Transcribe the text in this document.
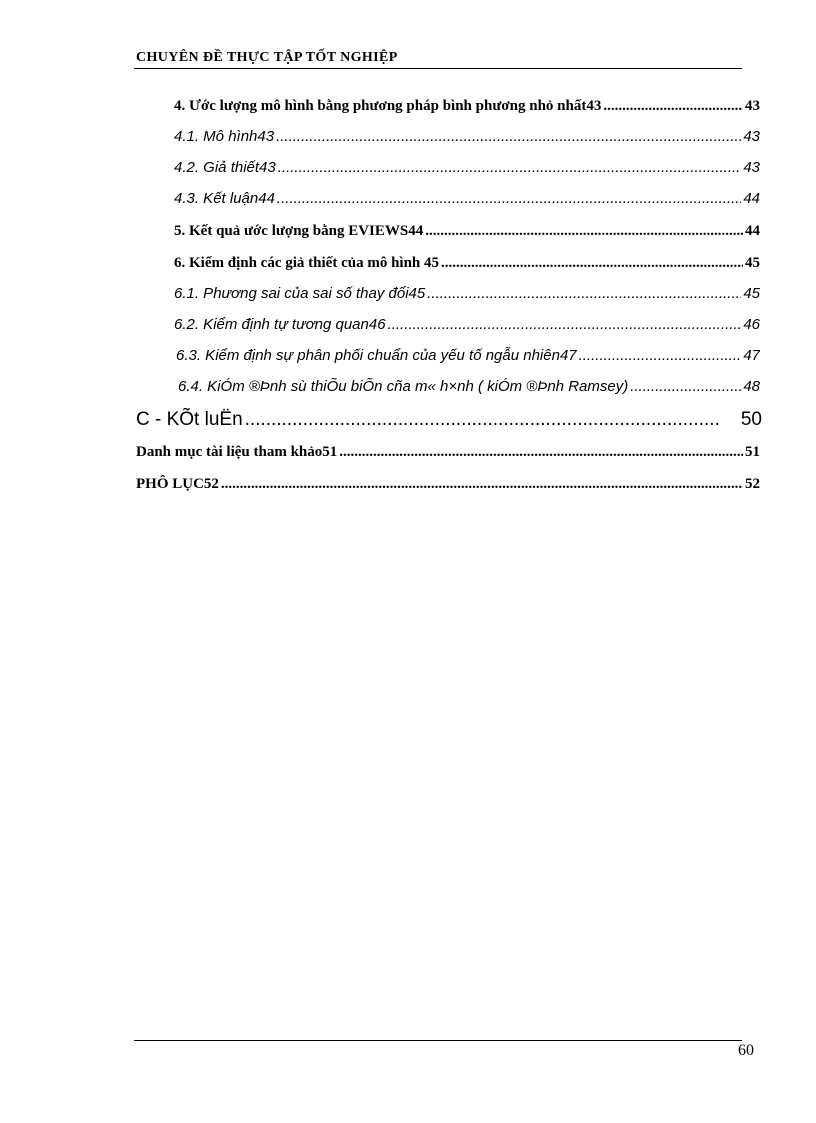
CHUYÊN ĐỀ THỰC TẬP TỐT NGHIỆP
4. Ước lượng mô hình bằng phương pháp bình phương nhỏ nhất43 .....	43
4.1. Mô hình43 .....	43
4.2. Giả thiết43 .....	43
4.3. Kết luận44 .....	44
5. Kết quả ước lượng bằng EVIEWS44 .....	44
6. Kiểm định các giả thiết của mô hình 45 .....	45
6.1. Phương sai của sai số thay đổi45 .....	45
6.2. Kiểm định tự tương quan46 .....	46
6.3. Kiểm định sự phân phối chuẩn của yếu tố ngẫu nhiên47 .....	47
6.4. KiÓm ®Þnh sù thiÕu biÕn cña m« h×nh ( kiÓm ®Þnh Ramsey) .....	48
C - KÕt luËn .....	50
Danh mục tài liệu tham khảo51 .....	51
PHÔ LỤC52 .....	52
60
